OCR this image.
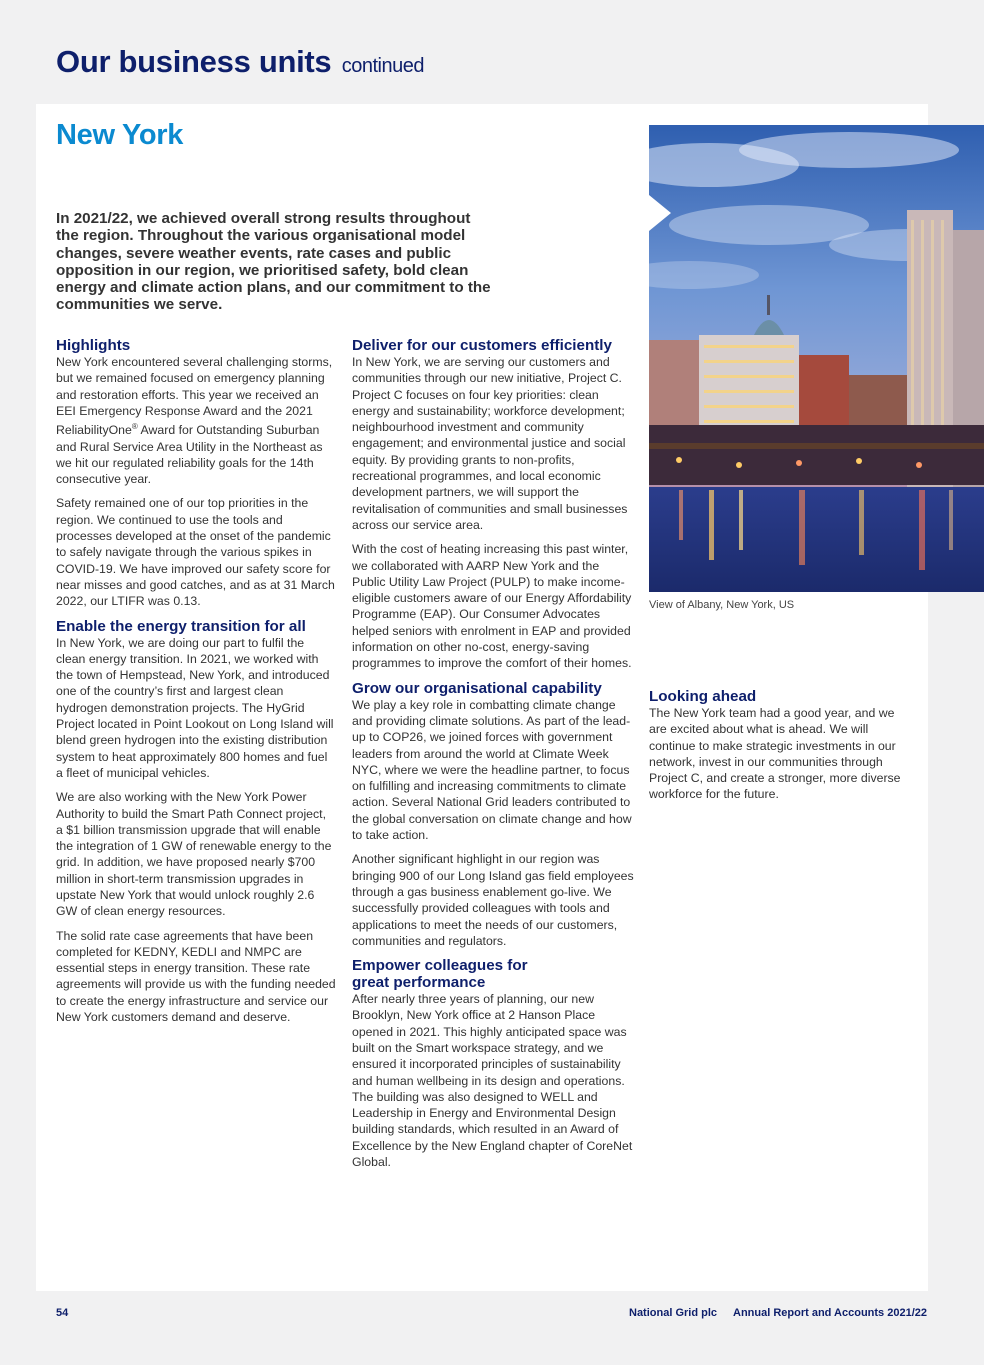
Our business units continued
New York
In 2021/22, we achieved overall strong results throughout the region. Throughout the various organisational model changes, severe weather events, rate cases and public opposition in our region, we prioritised safety, bold clean energy and climate action plans, and our commitment to the communities we serve.
Highlights

New York encountered several challenging storms, but we remained focused on emergency planning and restoration efforts. This year we received an EEI Emergency Response Award and the 2021 ReliabilityOne® Award for Outstanding Suburban and Rural Service Area Utility in the Northeast as we hit our regulated reliability goals for the 14th consecutive year.

Safety remained one of our top priorities in the region. We continued to use the tools and processes developed at the onset of the pandemic to safely navigate through the various spikes in COVID-19. We have improved our safety score for near misses and good catches, and as at 31 March 2022, our LTIFR was 0.13.

Enable the energy transition for all

In New York, we are doing our part to fulfil the clean energy transition. In 2021, we worked with the town of Hempstead, New York, and introduced one of the country’s first and largest clean hydrogen demonstration projects. The HyGrid Project located in Point Lookout on Long Island will blend green hydrogen into the existing distribution system to heat approximately 800 homes and fuel a fleet of municipal vehicles.

We are also working with the New York Power Authority to build the Smart Path Connect project, a $1 billion transmission upgrade that will enable the integration of 1 GW of renewable energy to the grid. In addition, we have proposed nearly $700 million in short-term transmission upgrades in upstate New York that would unlock roughly 2.6 GW of clean energy resources.

The solid rate case agreements that have been completed for KEDNY, KEDLI and NMPC are essential steps in energy transition. These rate agreements will provide us with the funding needed to create the energy infrastructure and service our New York customers demand and deserve.

Deliver for our customers efficiently

In New York, we are serving our customers and communities through our new initiative, Project C. Project C focuses on four key priorities: clean energy and sustainability; workforce development; neighbourhood investment and community engagement; and environmental justice and social equity. By providing grants to non-profits, recreational programmes, and local economic development partners, we will support the revitalisation of communities and small businesses across our service area.

With the cost of heating increasing this past winter, we collaborated with AARP New York and the Public Utility Law Project (PULP) to make income-eligible customers aware of our Energy Affordability Programme (EAP). Our Consumer Advocates helped seniors with enrolment in EAP and provided information on other no-cost, energy-saving programmes to improve the comfort of their homes.

Grow our organisational capability

We play a key role in combatting climate change and providing climate solutions. As part of the lead-up to COP26, we joined forces with government leaders from around the world at Climate Week NYC, where we were the headline partner, to focus on fulfilling and increasing commitments to climate action. Several National Grid leaders contributed to the global conversation on climate change and how to take action.

Another significant highlight in our region was bringing 900 of our Long Island gas field employees through a gas business enablement go-live. We successfully provided colleagues with tools and applications to meet the needs of our customers, communities and regulators.

Empower colleagues for
great performance

After nearly three years of planning, our new Brooklyn, New York office at 2 Hanson Place opened in 2021. This highly anticipated space was built on the Smart workspace strategy, and we ensured it incorporated principles of sustainability and human wellbeing in its design and operations. The building was also designed to WELL and Leadership in Energy and Environmental Design building standards, which resulted in an Award of Excellence by the New England chapter of CoreNet Global.

View of Albany, New York, US
Looking ahead

The New York team had a good year, and we are excited about what is ahead. We will continue to make strategic investments in our network, invest in our communities through Project C, and create a stronger, more diverse workforce for the future.

54	National Grid plc Annual Report and Accounts 2021/22
